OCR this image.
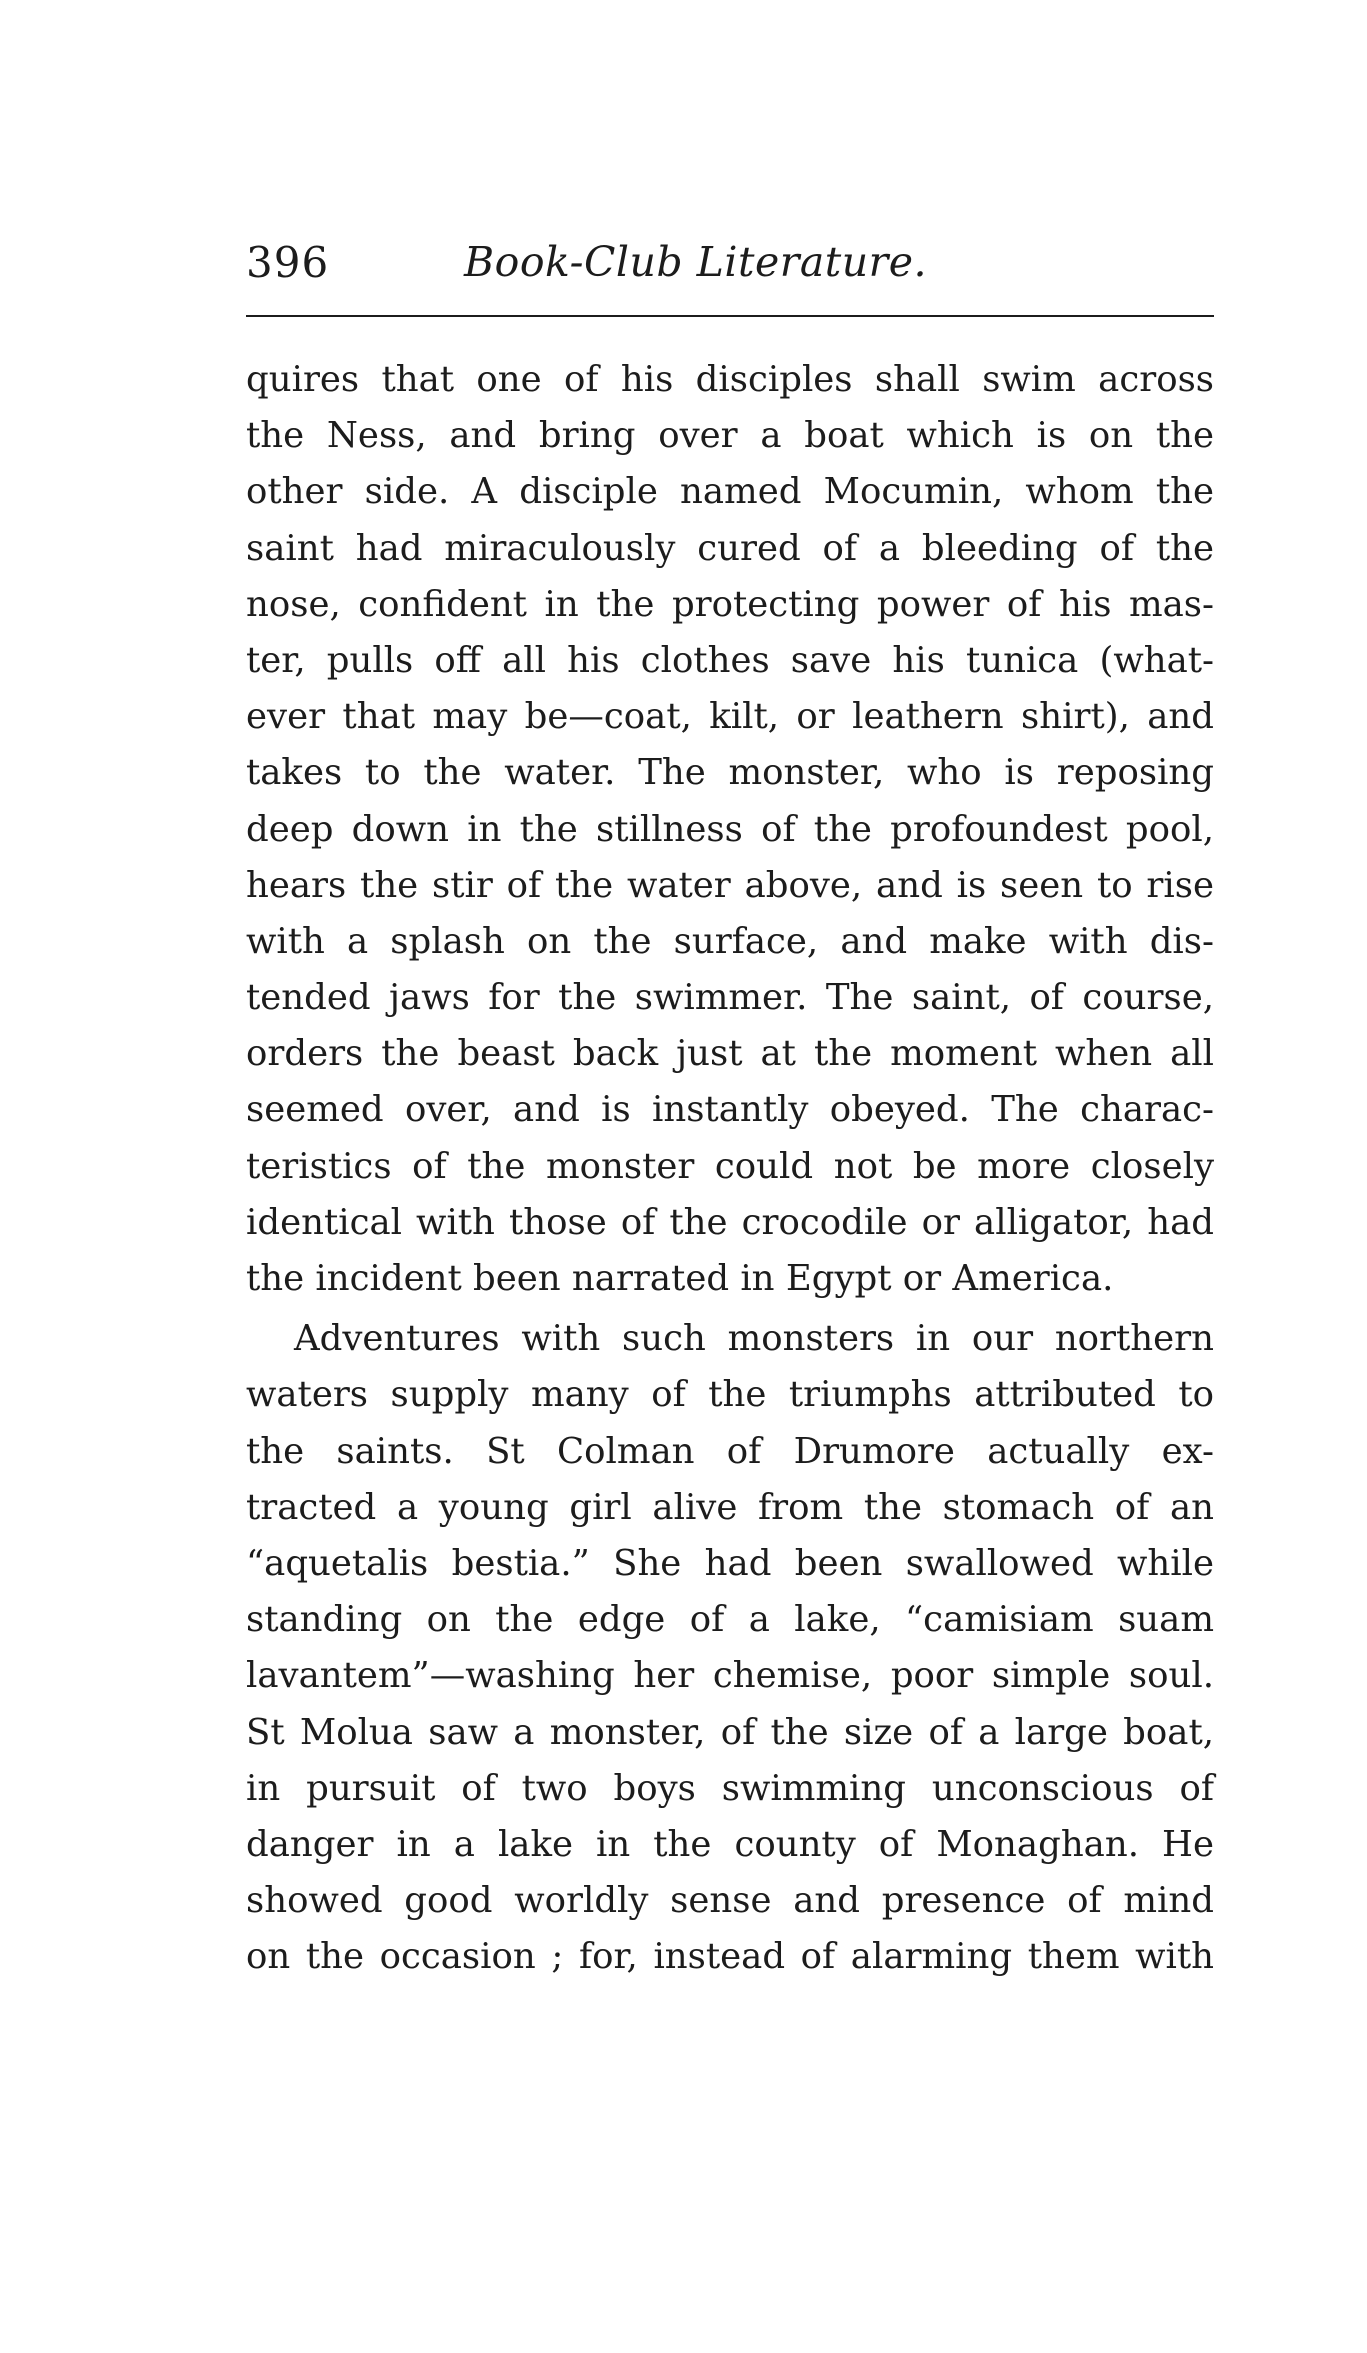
396	Book-Club Literature.
quires that one of his disciples shall swim across
the Ness, and bring over a boat which is on the
other side. A disciple named Mocumin, whom the
saint had miraculously cured of a bleeding of the
nose, confident in the protecting power of his mas-
ter, pulls off all his clothes save his tunica (what-
ever that may be—coat, kilt, or leathern shirt), and
takes to the water. The monster, who is reposing
deep down in the stillness of the profoundest pool,
hears the stir of the water above, and is seen to rise
with a splash on the surface, and make with dis-
tended jaws for the swimmer. The saint, of course,
orders the beast back just at the moment when all
seemed over, and is instantly obeyed. The charac-
teristics of the monster could not be more closely
identical with those of the crocodile or alligator, had
the incident been narrated in Egypt or America.
Adventures with such monsters in our northern
waters supply many of the triumphs attributed to
the saints. St Colman of Drumore actually ex-
tracted a young girl alive from the stomach of an
“aquetalis bestia.” She had been swallowed while
standing on the edge of a lake, “camisiam suam
lavantem”—washing her chemise, poor simple soul.
St Molua saw a monster, of the size of a large boat,
in pursuit of two boys swimming unconscious of
danger in a lake in the county of Monaghan. He
showed good worldly sense and presence of mind
on the occasion ; for, instead of alarming them with
